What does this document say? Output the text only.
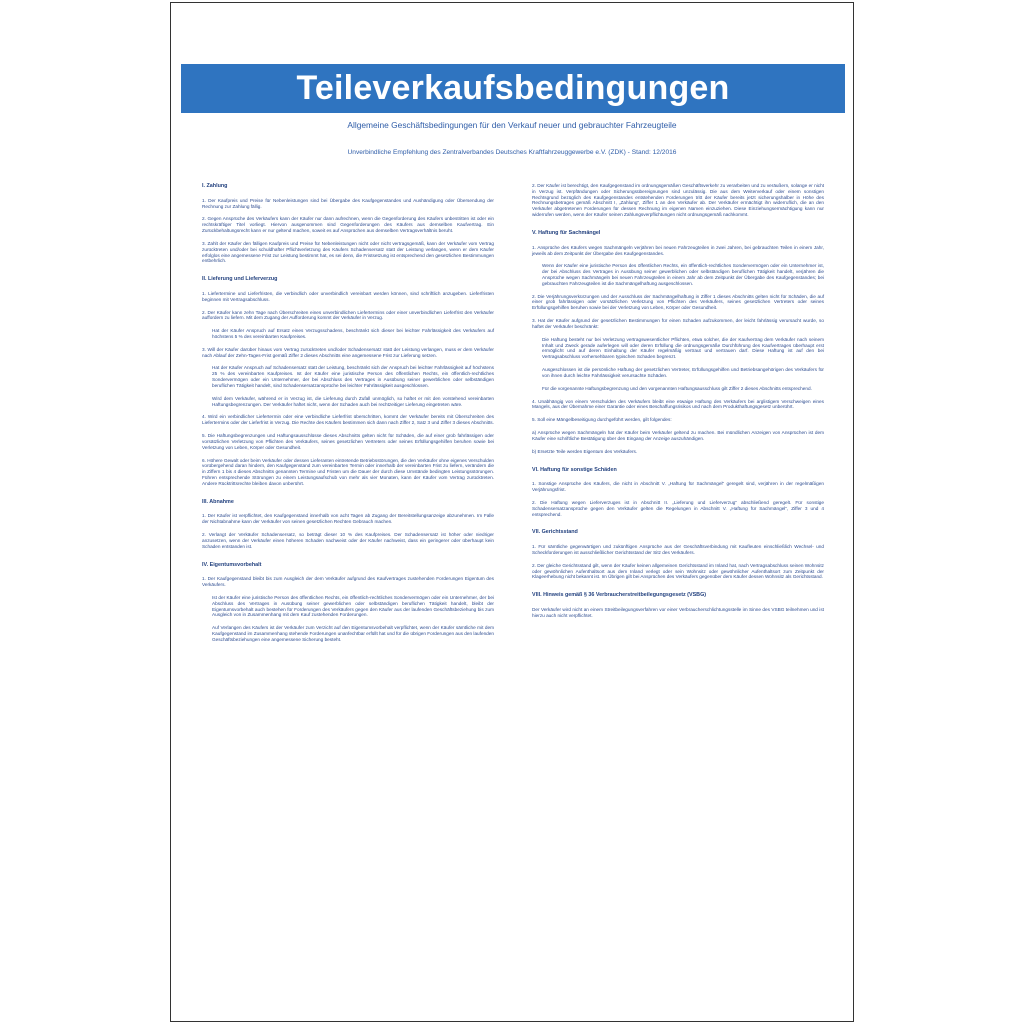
Teileverkaufsbedingungen
Allgemeine Geschäftsbedingungen für den Verkauf neuer und gebrauchter Fahrzeugteile
Unverbindliche Empfehlung des Zentralverbandes Deutsches Kraftfahrzeuggewerbe e.V. (ZDK) - Stand: 12/2016
I. Zahlung
1. Der Kaufpreis und Preise für Nebenleistungen sind bei Übergabe des Kaufgegenstandes und Aushändigung oder Übersendung der Rechnung zur Zahlung fällig.
2. Gegen Ansprüche des Verkäufers kann der Käufer nur dann aufrechnen, wenn die Gegenforderung des Käufers unbestritten ist oder ein rechtskräftiger Titel vorliegt. Hiervon ausgenommen sind Gegenforderungen des Käufers aus demselben Kaufvertrag. Ein Zurückbehaltungsrecht kann er nur geltend machen, soweit es auf Ansprüchen aus demselben Vertragsverhältnis beruht.
3. Zahlt der Käufer den fälligen Kaufpreis und Preise für Nebenleistungen nicht oder nicht vertragsgemäß, kann der Verkäufer vom Vertrag zurücktreten und/oder bei schuldhafter Pflichtverletzung des Käufers Schadensersatz statt der Leistung verlangen, wenn er dem Käufer erfolglos eine angemessene Frist zur Leistung bestimmt hat, es sei denn, die Fristsetzung ist entsprechend den gesetzlichen Bestimmungen entbehrlich.
II. Lieferung und Lieferverzug
1. Liefertermine und Lieferfristen, die verbindlich oder unverbindlich vereinbart werden können, sind schriftlich anzugeben. Lieferfristen beginnen mit Vertragsabschluss.
2. Der Käufer kann zehn Tage nach Überschreiten eines unverbindlichen Liefertermins oder einer unverbindlichen Lieferfrist den Verkäufer auffordern zu liefern. Mit dem Zugang der Aufforderung kommt der Verkäufer in Verzug.
Hat der Käufer Anspruch auf Ersatz eines Verzugsschadens, beschränkt sich dieser bei leichter Fahrlässigkeit des Verkäufers auf höchstens 5 % des vereinbarten Kaufpreises.
3. Will der Käufer darüber hinaus vom Vertrag zurücktreten und/oder Schadensersatz statt der Leistung verlangen, muss er dem Verkäufer nach Ablauf der Zehn-Tages-Frist gemäß Ziffer 2 dieses Abschnitts eine angemessene Frist zur Lieferung setzen.
Hat der Käufer Anspruch auf Schadensersatz statt der Leistung, beschränkt sich der Anspruch bei leichter Fahrlässigkeit auf höchstens 25 % des vereinbarten Kaufpreises. Ist der Käufer eine juristische Person des öffentlichen Rechts, ein öffentlich-rechtliches Sondervermögen oder ein Unternehmer, der bei Abschluss des Vertrages in Ausübung seiner gewerblichen oder selbständigen beruflichen Tätigkeit handelt, sind Schadensersatzansprüche bei leichter Fahrlässigkeit ausgeschlossen.
Wird dem Verkäufer, während er in Verzug ist, die Lieferung durch Zufall unmöglich, so haftet er mit den vorstehend vereinbarten Haftungsbegrenzungen. Der Verkäufer haftet nicht, wenn der Schaden auch bei rechtzeitiger Lieferung eingetreten wäre.
4. Wird ein verbindlicher Liefertermin oder eine verbindliche Lieferfrist überschritten, kommt der Verkäufer bereits mit Überschreiten des Liefertermins oder der Lieferfrist in Verzug. Die Rechte des Käufers bestimmen sich dann nach Ziffer 2, Satz 3 und Ziffer 3 dieses Abschnitts.
5. Die Haftungsbegrenzungen und Haftungsausschlüsse dieses Abschnitts gelten nicht für Schäden, die auf einer grob fahrlässigen oder vorsätzlichen Verletzung von Pflichten des Verkäufers, seines gesetzlichen Vertreters oder seines Erfüllungsgehilfen beruhen sowie bei Verletzung von Leben, Körper oder Gesundheit.
6. Höhere Gewalt oder beim Verkäufer oder dessen Lieferanten eintretende Betriebsstörungen, die den Verkäufer ohne eigenes Verschulden vorübergehend daran hindern, den Kaufgegenstand zum vereinbarten Termin oder innerhalb der vereinbarten Frist zu liefern, verändern die in Ziffern 1 bis 4 dieses Abschnitts genannten Termine und Fristen um die Dauer der durch diese Umstände bedingten Leistungsstörungen. Führen entsprechende Störungen zu einem Leistungsaufschub von mehr als vier Monaten, kann der Käufer vom Vertrag zurücktreten. Andere Rücktrittsrechte bleiben davon unberührt.
III. Abnahme
1. Der Käufer ist verpflichtet, den Kaufgegenstand innerhalb von acht Tagen ab Zugang der Bereitstellungsanzeige abzunehmen. Im Falle der Nichtabnahme kann der Verkäufer von seinen gesetzlichen Rechten Gebrauch machen.
2. Verlangt der Verkäufer Schadensersatz, so beträgt dieser 10 % des Kaufpreises. Der Schadensersatz ist höher oder niedriger anzusetzen, wenn der Verkäufer einen höheren Schaden nachweist oder der Käufer nachweist, dass ein geringerer oder überhaupt kein Schaden entstanden ist.
IV. Eigentumsvorbehalt
1. Der Kaufgegenstand bleibt bis zum Ausgleich der dem Verkäufer aufgrund des Kaufvertrages zustehenden Forderungen Eigentum des Verkäufers.
Ist der Käufer eine juristische Person des öffentlichen Rechts, ein öffentlich-rechtliches Sondervermögen oder ein Unternehmer, der bei Abschluss des Vertrages in Ausübung seiner gewerblichen oder selbständigen beruflichen Tätigkeit handelt, bleibt der Eigentumsvorbehalt auch bestehen für Forderungen des Verkäufers gegen den Käufer aus der laufenden Geschäftsbeziehung bis zum Ausgleich von in Zusammenhang mit dem Kauf zustehenden Forderungen.
Auf Verlangen des Käufers ist der Verkäufer zum Verzicht auf den Eigentumsvorbehalt verpflichtet, wenn der Käufer sämtliche mit dem Kaufgegenstand im Zusammenhang stehende Forderungen unanfechtbar erfüllt hat und für die übrigen Forderungen aus den laufenden Geschäftsbeziehungen eine angemessene Sicherung besteht.
2. Der Käufer ist berechtigt, den Kaufgegenstand im ordnungsgemäßen Geschäftsverkehr zu verarbeiten und zu veräußern, solange er nicht in Verzug ist. Verpfändungen oder Sicherungsübereignungen sind unzulässig. Die aus dem Weiterverkauf oder einem sonstigen Rechtsgrund bezüglich des Kaufgegenstandes entstehenden Forderungen tritt der Käufer bereits jetzt sicherungshalber in Höhe des Rechnungsbetrages gemäß Abschnitt I, „Zahlung“, Ziffer 1 an den Verkäufer ab. Der Verkäufer ermächtigt ihn widerruflich, die an den Verkäufer abgetretenen Forderungen für dessen Rechnung im eigenen Namen einzuziehen. Diese Einziehungsermächtigung kann nur widerrufen werden, wenn der Käufer seinen Zahlungsverpflichtungen nicht ordnungsgemäß nachkommt.
V. Haftung für Sachmängel
1. Ansprüche des Käufers wegen Sachmängeln verjähren bei neuen Fahrzeugteilen in zwei Jahren, bei gebrauchten Teilen in einem Jahr, jeweils ab dem Zeitpunkt der Übergabe des Kaufgegenstandes.
Wenn der Käufer eine juristische Person des öffentlichen Rechts, ein öffentlich-rechtliches Sondervermögen oder ein Unternehmer ist, der bei Abschluss des Vertrages in Ausübung seiner gewerblichen oder selbständigen beruflichen Tätigkeit handelt, verjähren die Ansprüche wegen Sachmängeln bei neuen Fahrzeugteilen in einem Jahr ab dem Zeitpunkt der Übergabe des Kaufgegenstandes; bei gebrauchten Fahrzeugteilen ist die Sachmängelhaftung ausgeschlossen.
2. Die Verjährungsverkürzungen und der Ausschluss der Sachmängelhaftung in Ziffer 1 dieses Abschnitts gelten nicht für Schäden, die auf einer grob fahrlässigen oder vorsätzlichen Verletzung von Pflichten des Verkäufers, seines gesetzlichen Vertreters oder seines Erfüllungsgehilfen beruhen sowie bei der Verletzung von Leben, Körper oder Gesundheit.
3. Hat der Käufer aufgrund der gesetzlichen Bestimmungen für einen Schaden aufzukommen, der leicht fahrlässig verursacht wurde, so haftet der Verkäufer beschränkt:
Die Haftung besteht nur bei Verletzung vertragswesentlicher Pflichten, etwa solcher, die der Kaufvertrag dem Verkäufer nach seinem Inhalt und Zweck gerade auferlegen will oder deren Erfüllung die ordnungsgemäße Durchführung des Kaufvertrages überhaupt erst ermöglicht und auf deren Einhaltung der Käufer regelmäßig vertraut und vertrauen darf. Diese Haftung ist auf den bei Vertragsabschluss vorhersehbaren typischen Schaden begrenzt.
Ausgeschlossen ist die persönliche Haftung der gesetzlichen Vertreter, Erfüllungsgehilfen und Betriebsangehörigen des Verkäufers für von ihnen durch leichte Fahrlässigkeit verursachte Schäden.
Für die vorgenannte Haftungsbegrenzung und den vorgenannten Haftungsausschluss gilt Ziffer 2 dieses Abschnitts entsprechend.
4. Unabhängig von einem Verschulden des Verkäufers bleibt eine etwaige Haftung des Verkäufers bei arglistigem Verschweigen eines Mangels, aus der Übernahme einer Garantie oder eines Beschaffungsrisikos und nach dem Produkthaftungsgesetz unberührt.
5. Soll eine Mängelbeseitigung durchgeführt werden, gilt folgendes:
a) Ansprüche wegen Sachmängeln hat der Käufer beim Verkäufer geltend zu machen. Bei mündlichen Anzeigen von Ansprüchen ist dem Käufer eine schriftliche Bestätigung über den Eingang der Anzeige auszuhändigen.
b) Ersetzte Teile werden Eigentum des Verkäufers.
VI. Haftung für sonstige Schäden
1. Sonstige Ansprüche des Käufers, die nicht in Abschnitt V. „Haftung für Sachmängel“ geregelt sind, verjähren in der regelmäßigen Verjährungsfrist.
2. Die Haftung wegen Lieferverzuges ist in Abschnitt II. „Lieferung und Lieferverzug“ abschließend geregelt. Für sonstige Schadensersatzansprüche gegen den Verkäufer gelten die Regelungen in Abschnitt V. „Haftung für Sachmängel“, Ziffer 3 und 4 entsprechend.
VII. Gerichtsstand
1. Für sämtliche gegenwärtigen und zukünftigen Ansprüche aus der Geschäftsverbindung mit Kaufleuten einschließlich Wechsel- und Scheckforderungen ist ausschließlicher Gerichtsstand der Sitz des Verkäufers.
2. Der gleiche Gerichtsstand gilt, wenn der Käufer keinen allgemeinen Gerichtsstand im Inland hat, nach Vertragsabschluss seinen Wohnsitz oder gewöhnlichen Aufenthaltsort aus dem Inland verlegt oder sein Wohnsitz oder gewöhnlicher Aufenthaltsort zum Zeitpunkt der Klageerhebung nicht bekannt ist. Im Übrigen gilt bei Ansprüchen des Verkäufers gegenüber dem Käufer dessen Wohnsitz als Gerichtsstand.
VIII. Hinweis gemäß § 36 Verbraucherstreitbeilegungsgesetz (VSBG)
Der Verkäufer wird nicht an einem Streitbeilegungsverfahren vor einer Verbraucherschlichtungsstelle im Sinne des VSBG teilnehmen und ist hierzu auch nicht verpflichtet.
